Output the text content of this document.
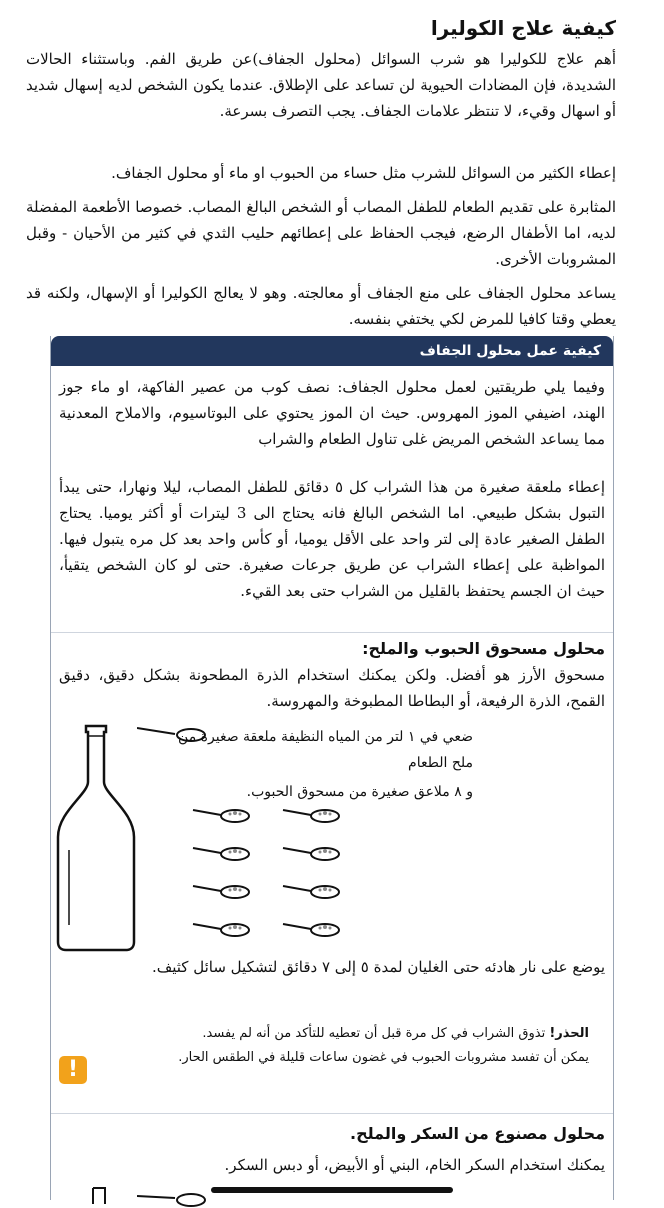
كيفية علاج الكوليرا
أهم علاج للكوليرا هو شرب السوائل (محلول الجفاف)عن طريق الفم. وباستثناء الحالات الشديدة، فإن المضادات الحيوية لن تساعد على الإطلاق. عندما يكون الشخص لديه إسهال شديد أو اسهال وقيء، لا تنتظر علامات الجفاف. يجب التصرف بسرعة.
إعطاء الكثير من السوائل للشرب مثل حساء من الحبوب او ماء أو محلول الجفاف.
المثابرة على تقديم الطعام للطفل المصاب أو الشخص البالغ المصاب. خصوصا الأطعمة المفضلة لديه، اما الأطفال الرضع، فيجب الحفاظ على إعطائهم حليب الثدي في كثير من الأحيان - وقبل المشروبات الأخرى.
يساعد محلول الجفاف على منع الجفاف أو معالجته. وهو لا يعالج الكوليرا أو الإسهال، ولكنه قد يعطي وقتا كافيا للمرض لكي يختفي بنفسه.
كيفية عمل محلول الجفاف
وفيما يلي طريقتين لعمل محلول الجفاف: نصف كوب من عصير الفاكهة، او ماء جوز الهند، اضيفي الموز المهروس. حيث ان الموز يحتوي على البوتاسيوم، والاملاح المعدنية مما يساعد الشخص المريض غلى تناول الطعام والشراب
إعطاء ملعقة صغيرة من هذا الشراب كل ٥ دقائق للطفل المصاب، ليلا ونهارا، حتى يبدأ التبول بشكل طبيعي. اما الشخص البالغ فانه يحتاج الى 3 ليترات أو أكثر يوميا. يحتاج الطفل الصغير عادة إلى لتر واحد على الأقل يوميا، أو كأس واحد بعد كل مره يتبول فيها. المواظبة على إعطاء الشراب عن طريق جرعات صغيرة. حتى لو كان الشخص يتقيأ، حيث ان الجسم يحتفظ بالقليل من الشراب حتى بعد القيء.
محلول مسحوق الحبوب والملح:
مسحوق الأرز هو أفضل. ولكن يمكنك استخدام الذرة المطحونة بشكل دقيق، دقيق القمح، الذرة الرفيعة، أو البطاطا المطبوخة والمهروسة.
ضعي في ١ لتر من المياه النظيفة ملعقة صغيرة من ملح الطعام
و ٨ ملاعق صغيرة من مسحوق الحبوب.
يوضع على نار هادئه حتى الغليان لمدة ٥ إلى ٧ دقائق لتشكيل سائل كثيف.
الحذر! تذوق الشراب في كل مرة قبل أن تعطيه للتأكد من أنه لم يفسد.
يمكن أن تفسد مشروبات الحبوب في غضون ساعات قليلة في الطقس الحار.
!
محلول مصنوع من السكر والملح.
يمكنك استخدام السكر الخام، البني أو الأبيض، أو دبس السكر.
